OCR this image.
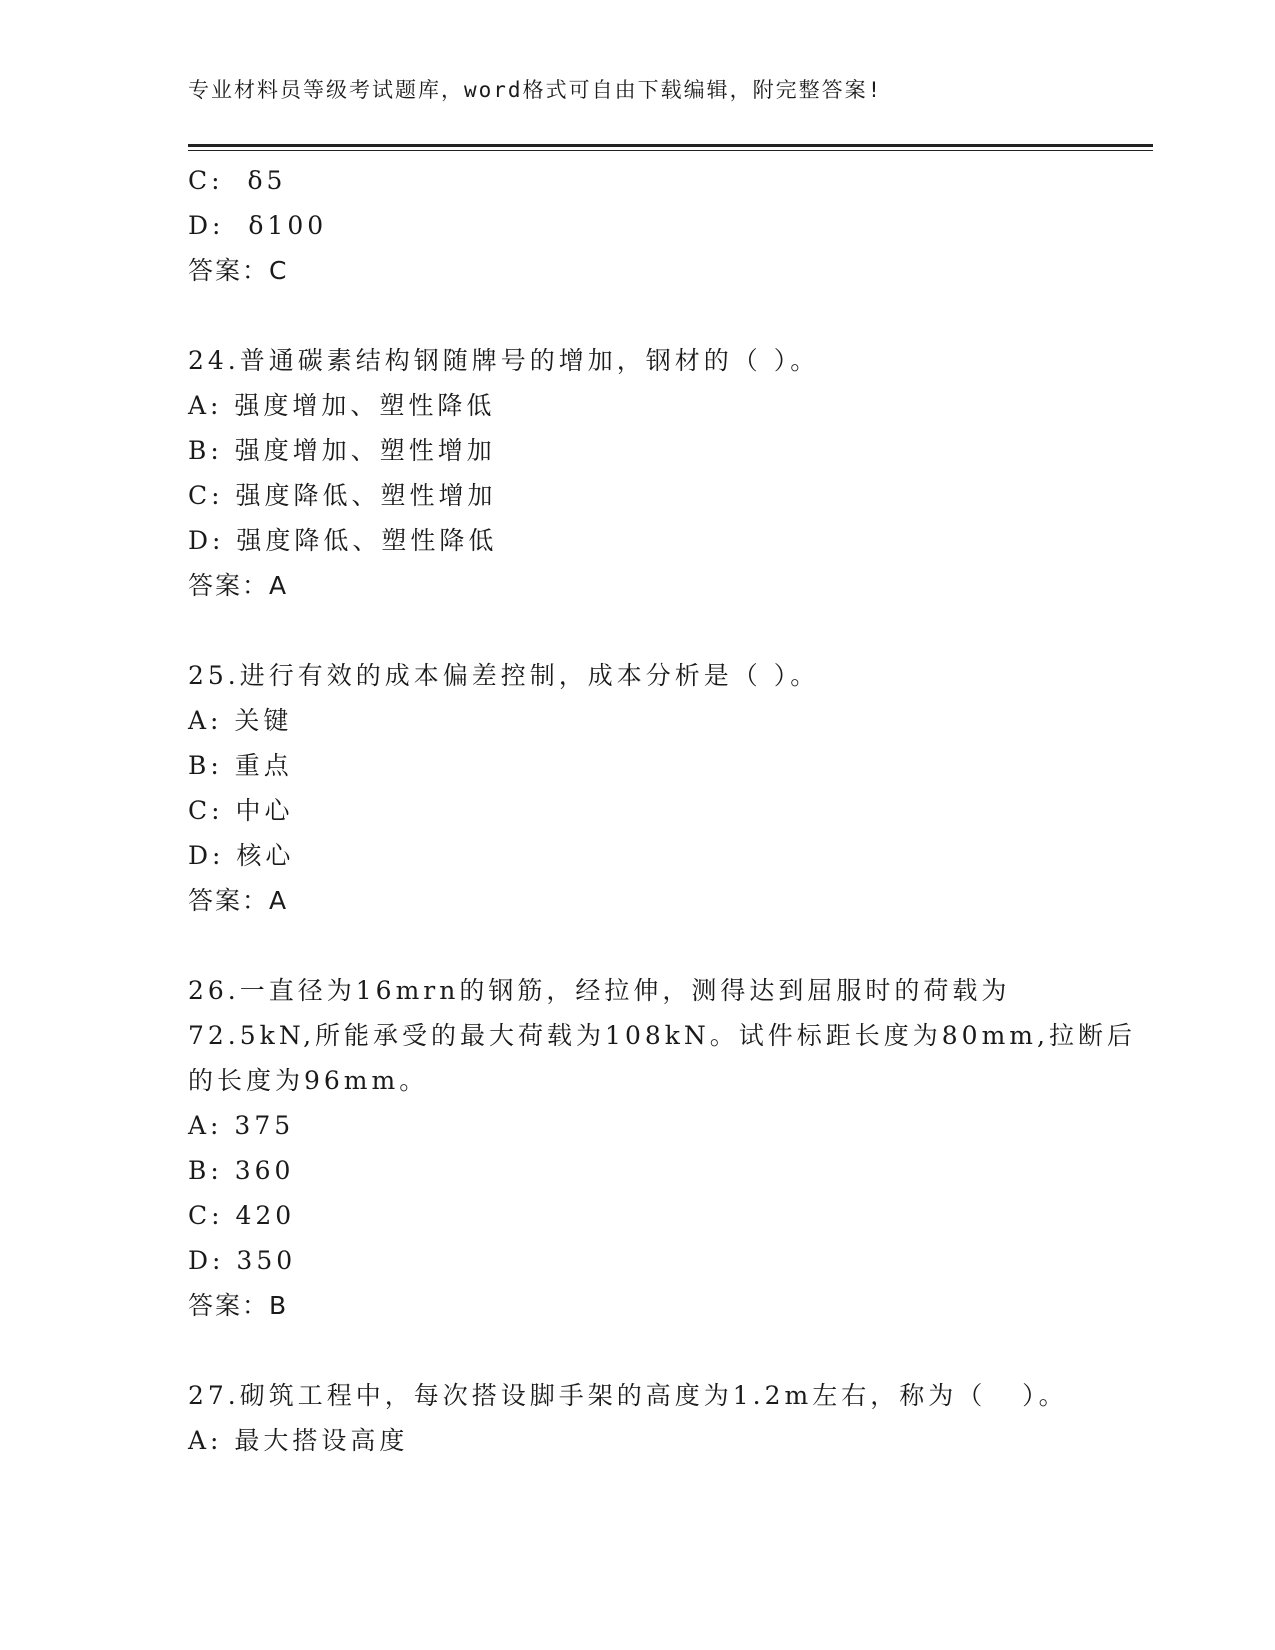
专业材料员等级考试题库，word格式可自由下载编辑，附完整答案!
C:  δ5
D:  δ100
答案：C
24.普通碳素结构钢随牌号的增加，钢材的（ ）。
A: 强度增加、塑性降低
B: 强度增加、塑性增加
C: 强度降低、塑性增加
D: 强度降低、塑性降低
答案：A
25.进行有效的成本偏差控制，成本分析是（ ）。
A: 关键
B: 重点
C: 中心
D: 核心
答案：A
26.一直径为16mrn的钢筋，经拉伸，测得达到屈服时的荷载为
72.5kN,所能承受的最大荷载为108kN。试件标距长度为80mm,拉断后
的长度为96mm。
A: 375
B: 360
C: 420
D: 350
答案：B
27.砌筑工程中，每次搭设脚手架的高度为1.2m左右，称为（   ）。
A: 最大搭设高度
